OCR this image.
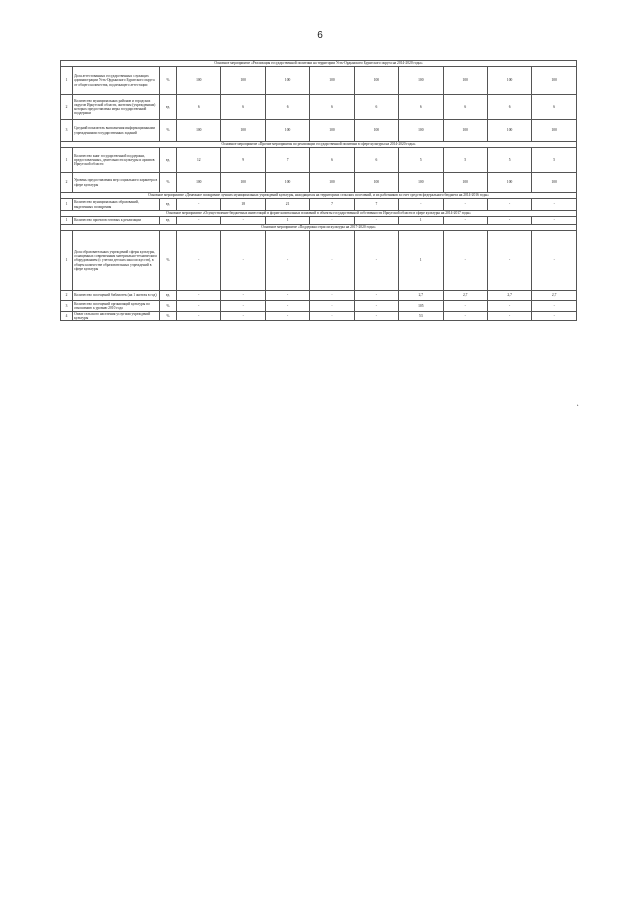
6
Основное мероприятие «Реализация государственной политики на территории Усть-Ордынского Бурятского округа на 2014-2020 годы»											
1	Доля аттестованных государственных служащих администрации Усть-Ордынского Бурятского округа от общего количества, подлежащего аттестации	%	100	100	100	100	100	100	100	100	100
2	Количество муниципальных районов и городских округов Иркутской области, жителям (учреждениям) которых предоставлены меры государственной поддержки	ед.	6	6	6	6	6	6	6	6	6
3	Средний показатель выполнения информационными учреждениями государственных заданий	%	100	100	100	100	100	100	100	100	100
Основное мероприятие «Прочие мероприятия по реализации государственной политики в сфере культуры на 2014-2020 годы»											
1	Количество книг государственной поддержки, предоставленных, деятельности культуры и архивов Иркутской области	ед.	12	9	7	6	6	5	5	5	5
2	Уровень предоставления мер социального характера в сфере культуры	%	100	100	100	100	100	100	100	100	100
Основное мероприятие «Денежное поощрение лучших муниципальных учреждений культуры, находящихся на территориях сельских поселений, и их работников за счет средств федерального бюджета на 2014-2016 годы»											
1	Количество муниципальных образований, выделенных поощрения	ед.	-	18	21	7	7	-	-	-	-
Основное мероприятие «Осуществление бюджетных инвестиций в форме капитальных вложений в объекты государственной собственности Иркутской области в сфере культуры на 2014-2017 годы»											
1	Количество проектов готовых к реализации	ед.	-	-	1	-	-	1	-	-	-
Основное мероприятие «Поддержка отрасли культуры на 2017-2020 годы»											
1	Доля образовательных учреждений сферы культуры, оснащенных современным материально-техническим оборудованием (с учетом детских школ искусств), в общем количестве образовательных учреждений в сфере культуры	%	-	-	-	-	-	1	-	-	-
2	Количество посещений библиотек (на 1 жителя в год)	ед.	-	-	-	-	-	2,7	2,7	2,7	2,7
3	Количество посещений организаций культуры по отношению к уровню 2010 года	%	-	-	-	-	-	105	-	-	-
4	Охват сельского населения услугами учреждений культуры	%	-	-	-	-	-	53	-	-	-
▸
